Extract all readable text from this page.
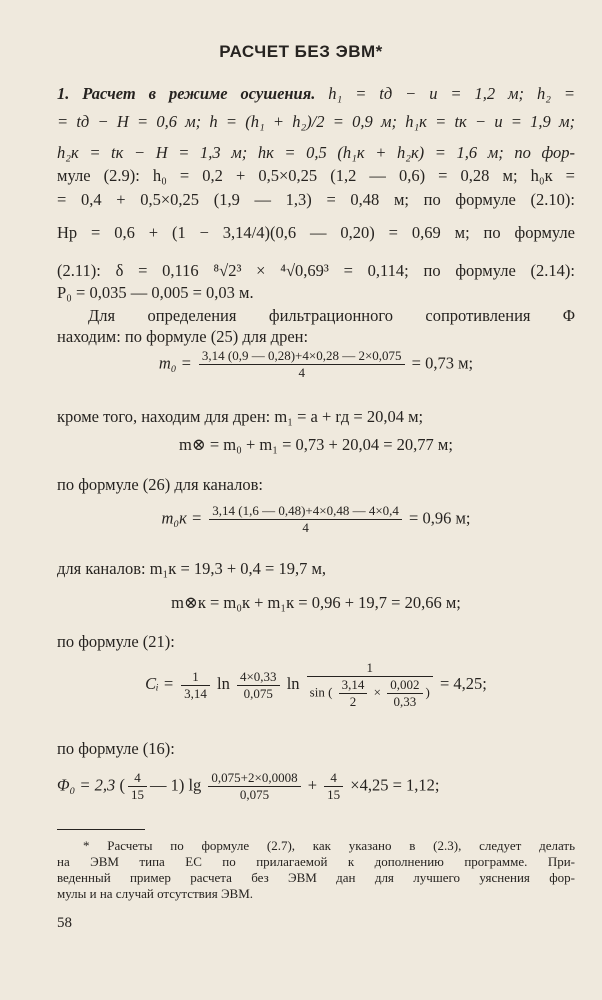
РАСЧЕТ БЕЗ ЭВМ*
1. Расчет в режиме осушения. h₁ = tд − u = 1,2 м; h₂ =
= tд − H = 0,6 м; h = (h₁ + h₂)/2 = 0,9 м; h₁к = tк − u = 1,9 м;
h₂к = tк − H = 1,3 м; hк = 0,5 (h₁к + h₂к) = 1,6 м; по фор-
муле (2.9): h₀ = 0,2 + 0,5×0,25 (1,2 — 0,6) = 0,28 м; h₀к =
= 0,4 + 0,5×0,25 (1,9 — 1,3) = 0,48 м; по формуле (2.10):
Hр = 0,6 + (1 − 3,14/4)(0,6 — 0,20) = 0,69 м; по формуле
(2.11): δ = 0,116 ⁸√2³ × ⁴√0,69³ = 0,114; по формуле (2.14):
P₀ = 0,035 — 0,005 = 0,03 м.
Для определения фильтрационного сопротивления Φ
находим: по формуле (25) для дрен:
$m_0 = \frac{3,14 (0,9 — 0,28)+4\times 0,28 — 2\times 0,075}{4} = 0,73$ м;
кроме того, находим для дрен: m₁ = a + rд = 20,04 м;
m⊗ = m₀ + m₁ = 0,73 + 20,04 = 20,77 м;
по формуле (26) для каналов:
$m_0к = \frac{3,14 (1,6 — 0,48)+4\times 0,48 — 4\times 0,4}{4} = 0,96$ м;
для каналов: m₁к = 19,3 + 0,4 = 19,7 м,
m⊗к = m₀к + m₁к = 0,96 + 19,7 = 20,66 м;
по формуле (21):
Cᵢ = $\frac{1}{3,14}$ $\ln \frac{4\times 0,33}{0,075}$ ln
1
sin ( $\frac{3,14}{2} \times \frac{0,002}{0,33}$ ) = 4,25;
по формуле (16):
Φ₀ = 2,3 ( $\frac{4}{15}$ — 1) $\lg \frac{0,075+2\times 0,0008}{0,075} + \frac{4}{15} \times 4,25 = 1,12$;
* Расчеты по формуле (2.7), как указано в (2.3), следует делать
на ЭВМ типа ЕС по прилагаемой к дополнению программе. При-
веденный пример расчета без ЭВМ дан для лучшего уяснения фор-
мулы и на случай отсутствия ЭВМ.
58
